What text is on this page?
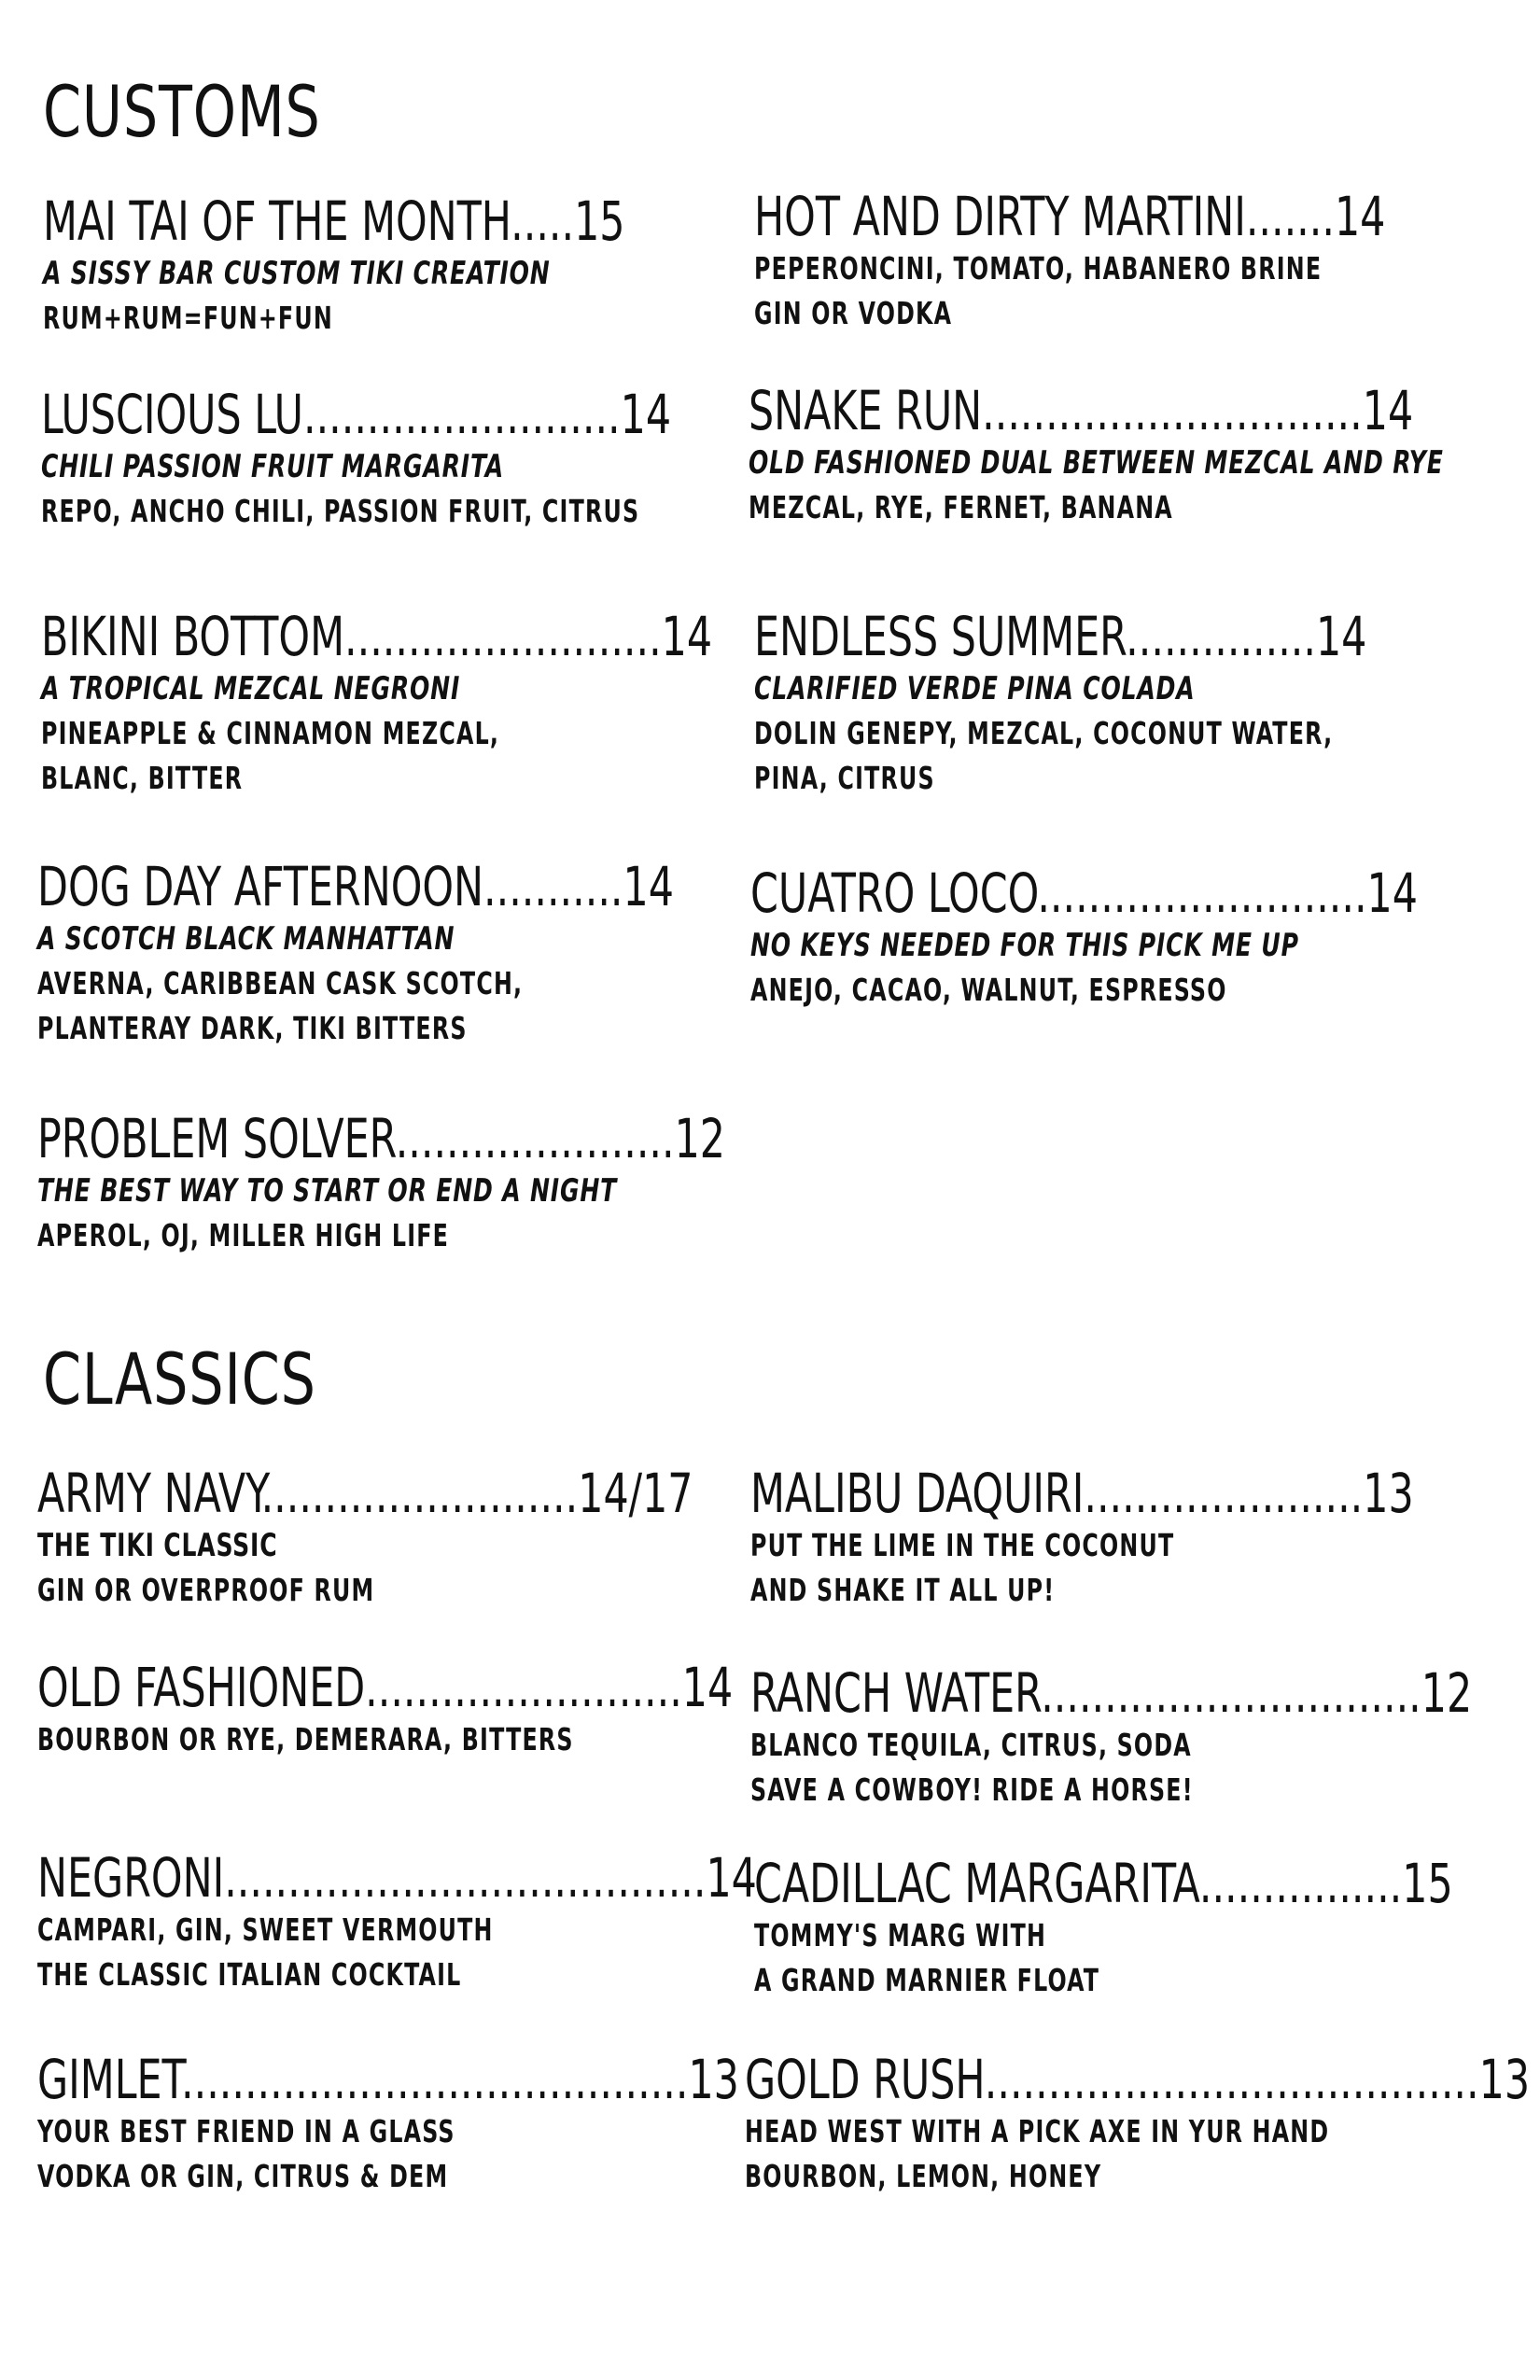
CUSTOMS
MAI TAI OF THE MONTH.....15
A SISSY BAR CUSTOM TIKI CREATION
RUM+RUM=FUN+FUN
HOT AND DIRTY MARTINI.......14
PEPERONCINI, TOMATO, HABANERO BRINE
GIN OR VODKA
LUSCIOUS LU.........................14
CHILI PASSION FRUIT MARGARITA
REPO, ANCHO CHILI, PASSION FRUIT, CITRUS
SNAKE RUN..............................14
OLD FASHIONED DUAL BETWEEN MEZCAL AND RYE
MEZCAL, RYE, FERNET, BANANA
BIKINI BOTTOM.........................14
A TROPICAL MEZCAL NEGRONI
PINEAPPLE & CINNAMON MEZCAL,
BLANC, BITTER
ENDLESS SUMMER...............14
CLARIFIED VERDE PINA COLADA
DOLIN GENEPY, MEZCAL, COCONUT WATER,
PINA, CITRUS
DOG DAY AFTERNOON...........14
A SCOTCH BLACK MANHATTAN
AVERNA, CARIBBEAN CASK SCOTCH,
PLANTERAY DARK, TIKI BITTERS
CUATRO LOCO..........................14
NO KEYS NEEDED FOR THIS PICK ME UP
ANEJO, CACAO, WALNUT, ESPRESSO
PROBLEM SOLVER......................12
THE BEST WAY TO START OR END A NIGHT
APEROL, OJ, MILLER HIGH LIFE
CLASSICS
ARMY NAVY.........................14/17
THE TIKI CLASSIC
GIN OR OVERPROOF RUM
MALIBU DAQUIRI......................13
PUT THE LIME IN THE COCONUT
AND SHAKE IT ALL UP!
OLD FASHIONED.........................14
BOURBON OR RYE, DEMERARA, BITTERS
RANCH WATER..............................12
BLANCO TEQUILA, CITRUS, SODA
SAVE A COWBOY! RIDE A HORSE!
NEGRONI......................................14
CAMPARI, GIN, SWEET VERMOUTH
THE CLASSIC ITALIAN COCKTAIL
CADILLAC MARGARITA................15
TOMMY'S MARG WITH
A GRAND MARNIER FLOAT
GIMLET........................................13
YOUR BEST FRIEND IN A GLASS
VODKA OR GIN, CITRUS & DEM
GOLD RUSH.......................................13
HEAD WEST WITH A PICK AXE IN YUR HAND
BOURBON, LEMON, HONEY
